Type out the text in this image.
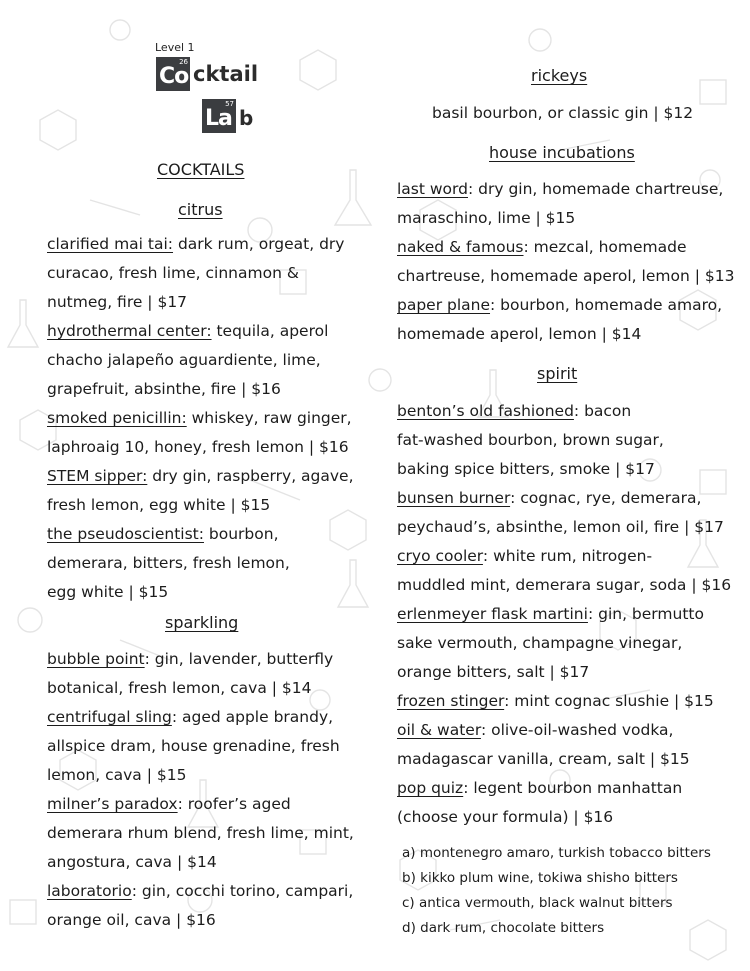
Level 1
26
Co cktail
57
La b
COCKTAILS
citrus
clarified mai tai: dark rum, orgeat, dry
curacao, fresh lime, cinnamon &
nutmeg, fire | $17
hydrothermal center: tequila, aperol
chacho jalapeño aguardiente, lime,
grapefruit, absinthe, fire | $16
smoked penicillin: whiskey, raw ginger,
laphroaig 10, honey, fresh lemon | $16
STEM sipper: dry gin, raspberry, agave,
fresh lemon, egg white | $15
the pseudoscientist: bourbon,
demerara, bitters, fresh lemon,
egg white | $15
sparkling
bubble point: gin, lavender, butterfly
botanical, fresh lemon, cava | $14
centrifugal sling: aged apple brandy,
allspice dram, house grenadine, fresh
lemon, cava | $15
milner’s paradox: roofer’s aged
demerara rhum blend, fresh lime, mint,
angostura, cava | $14
laboratorio: gin, cocchi torino, campari,
orange oil, cava | $16
rickeys
basil bourbon, or classic gin | $12
house incubations
last word: dry gin, homemade chartreuse,
maraschino, lime | $15
naked & famous: mezcal, homemade
chartreuse, homemade aperol, lemon | $13
paper plane: bourbon, homemade amaro,
homemade aperol, lemon | $14
spirit
benton’s old fashioned: bacon
fat-washed bourbon, brown sugar,
baking spice bitters, smoke | $17
bunsen burner: cognac, rye, demerara,
peychaud’s, absinthe, lemon oil, fire | $17
cryo cooler: white rum, nitrogen-
muddled mint, demerara sugar, soda | $16
erlenmeyer flask martini: gin, bermutto
sake vermouth, champagne vinegar,
orange bitters, salt | $17
frozen stinger: mint cognac slushie | $15
oil & water: olive-oil-washed vodka,
madagascar vanilla, cream, salt | $15
pop quiz: legent bourbon manhattan
(choose your formula) | $16
a) montenegro amaro, turkish tobacco bitters
b) kikko plum wine, tokiwa shisho bitters
c) antica vermouth, black walnut bitters
d) dark rum, chocolate bitters
